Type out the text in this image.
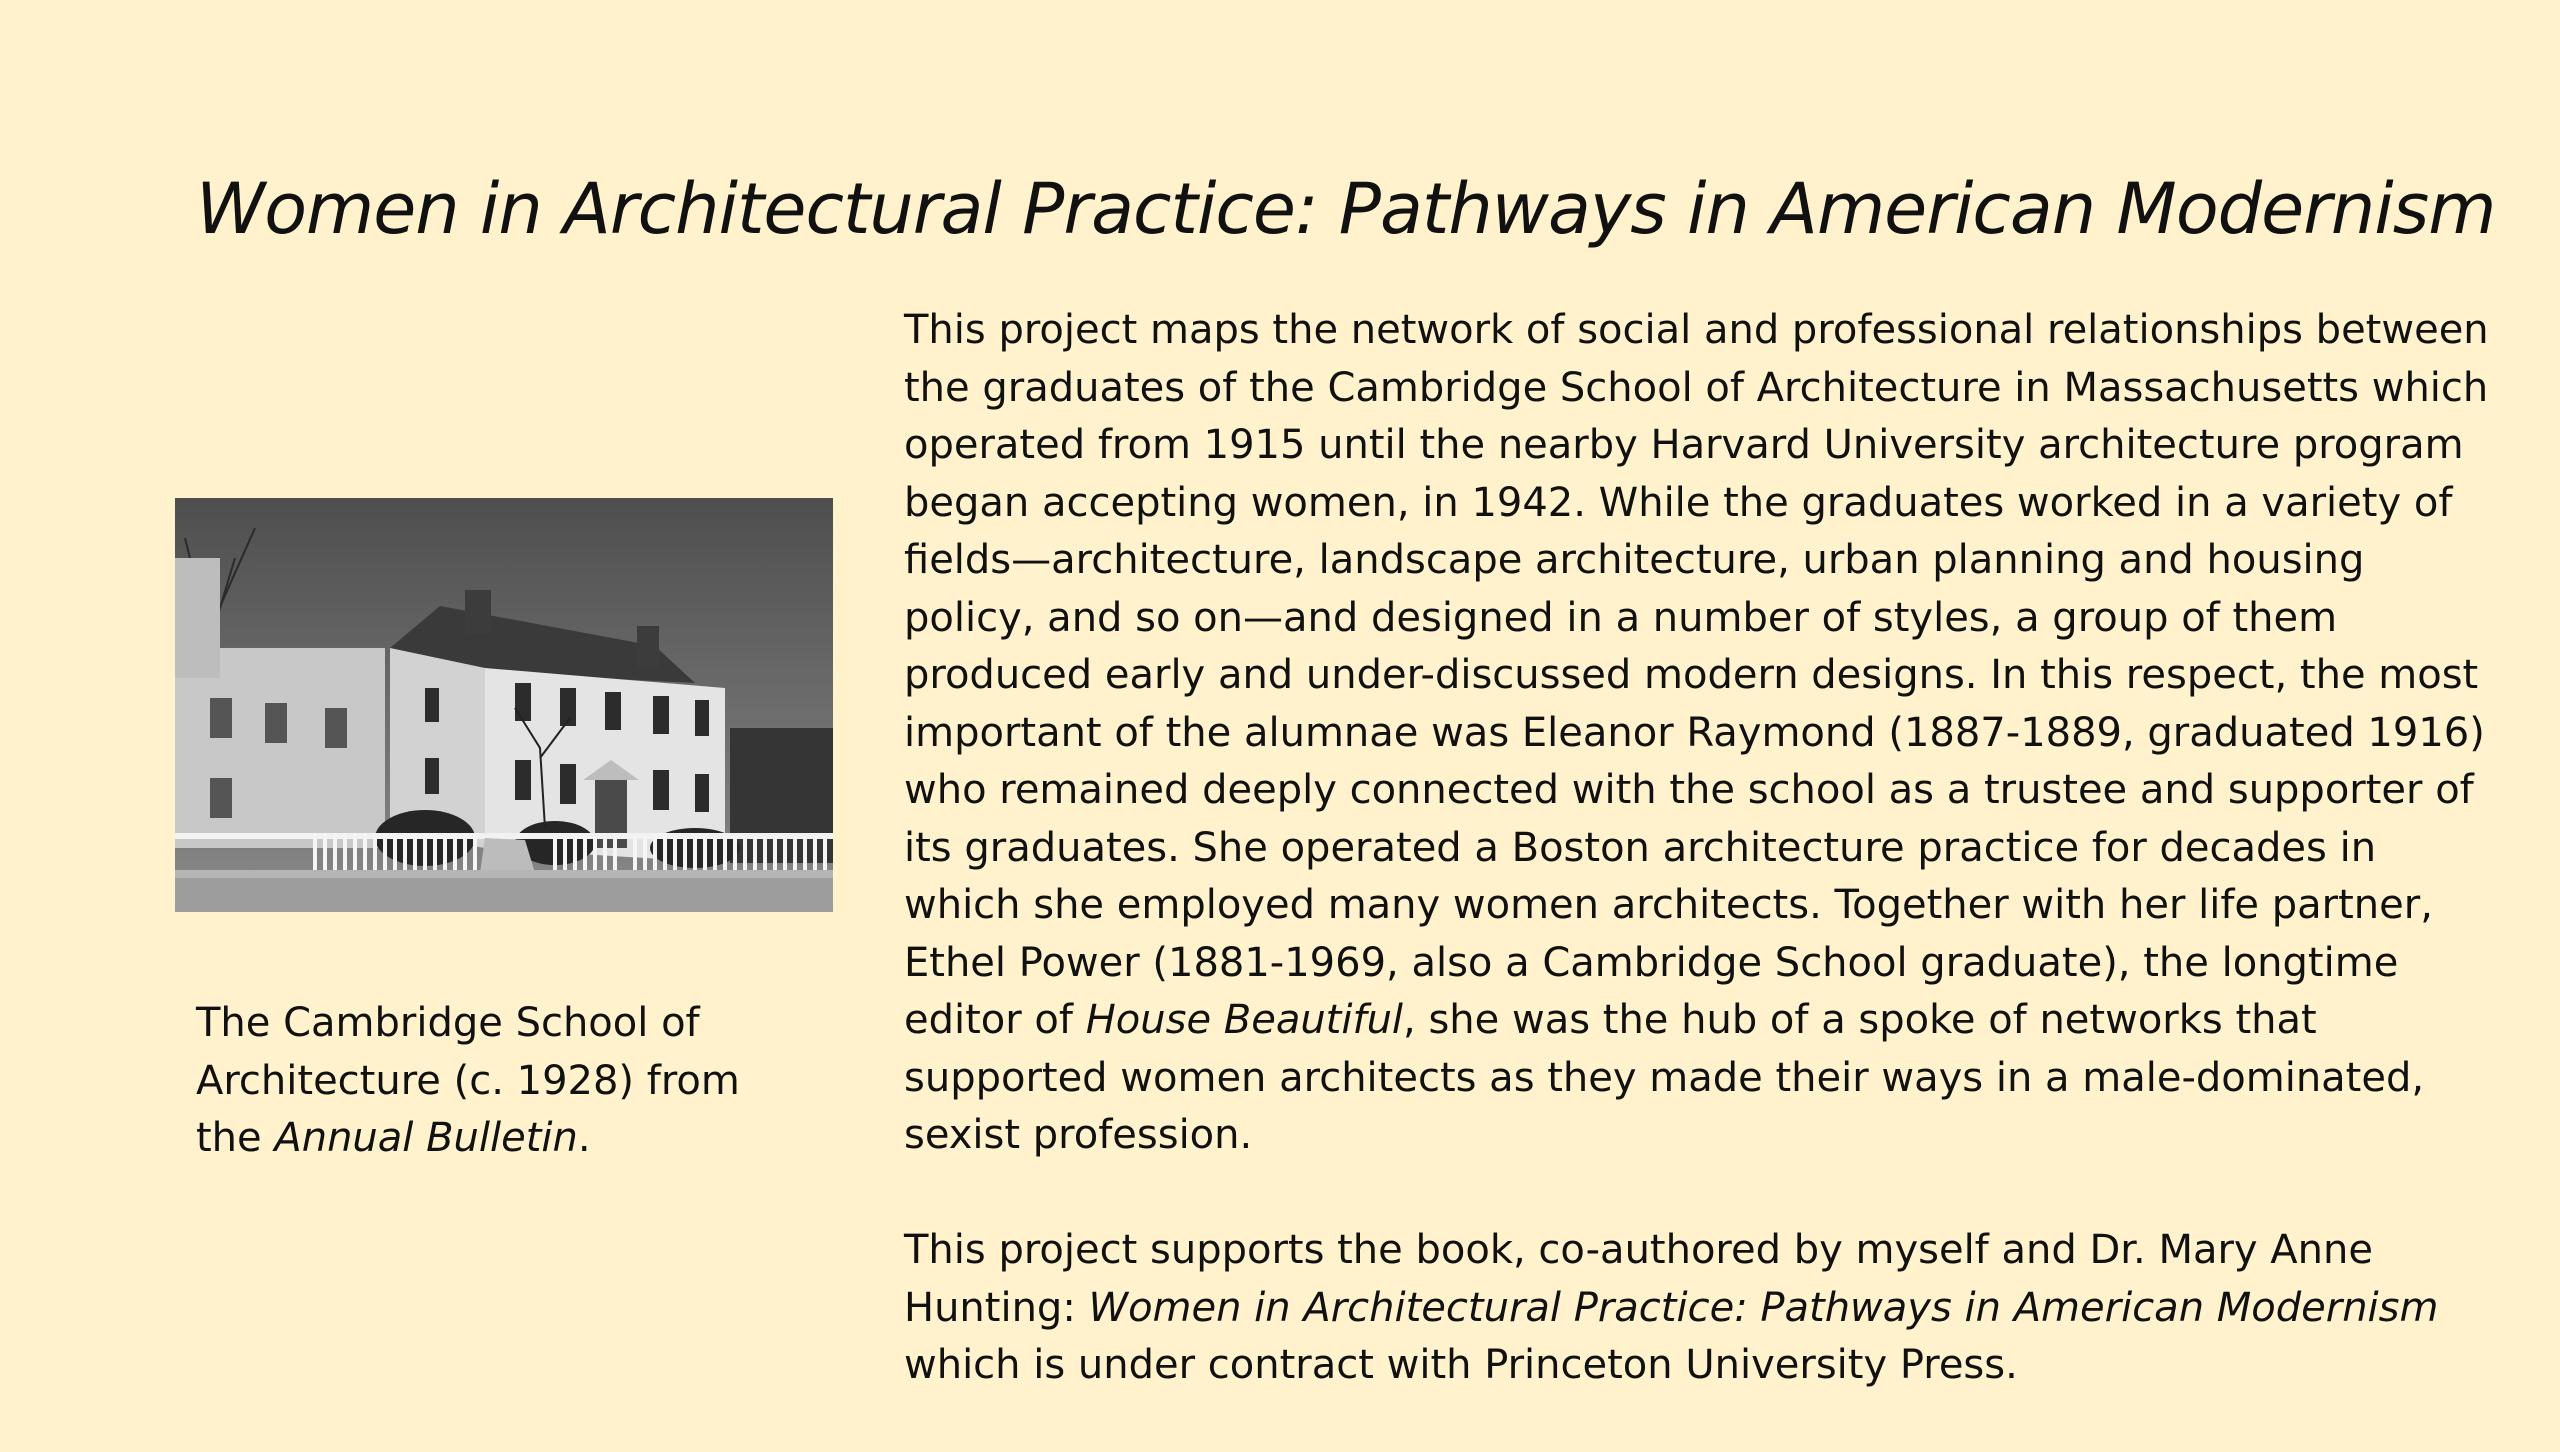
Women in Architectural Practice: Pathways in American Modernism
The Cambridge School of Architecture (c. 1928) from the Annual Bulletin.

This project maps the network of social and professional relationships between the graduates of the Cambridge School of Architecture in Massachusetts which operated from 1915 until the nearby Harvard University architecture program began accepting women, in 1942. While the graduates worked in a variety of fields—architecture, landscape architecture, urban planning and housing policy, and so on—and designed in a number of styles, a group of them produced early and under-discussed modern designs. In this respect, the most important of the alumnae was Eleanor Raymond (1887-1889, graduated 1916) who remained deeply connected with the school as a trustee and supporter of its graduates. She operated a Boston architecture practice for decades in which she employed many women architects. Together with her life partner, Ethel Power (1881-1969, also a Cambridge School graduate), the longtime editor of House Beautiful, she was the hub of a spoke of networks that supported women architects as they made their ways in a male-dominated, sexist profession.

This project supports the book, co-authored by myself and Dr. Mary Anne Hunting: Women in Architectural Practice: Pathways in American Modernism which is under contract with Princeton University Press.
